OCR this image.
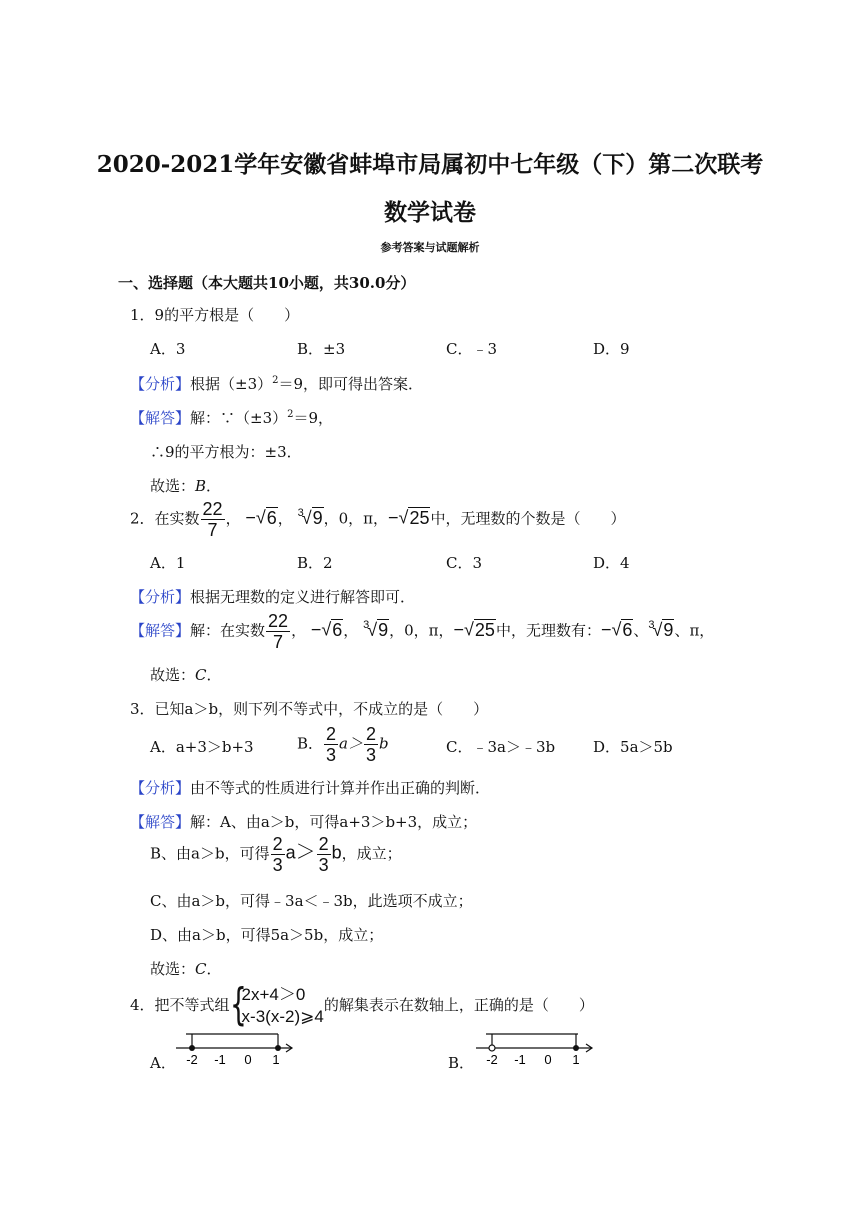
2020-2021学年安徽省蚌埠市局属初中七年级（下）第二次联考
数学试卷
参考答案与试题解析
一、选择题（本大题共10小题，共30.0分）
1．9的平方根是（　　）
A．3	B．±3	C．﹣3	D．9
【分析】根据$(\pm 3)^2=9$，即可得出答案．
【解答】解：$\because(\pm 3)^2=9$，
∴9的平方根为：±3．
故选：B．
2．在实数 $\frac{22}{7}$ ， −√6， $^3$√9，0，π，−√25中，无理数的个数是（　　）
A．1	B．2	C．3	D．4
【分析】根据无理数的定义进行解答即可．
【解答】解：在实数 $\frac{22}{7}$ ， −√6， $^3$√9，0，π，−√25中，无理数有：−√6、$^3$√9、π，
故选：C．
3．已知a＞b，则下列不等式中，不成立的是（　　）
A．a+3＞b+3	B． $\frac{2}{3} a> \frac{2}{3}$ b	C．﹣3a＞﹣3b	D．5a＞5b
【分析】由不等式的性质进行计算并作出正确的判断．
【解答】解：A、由a＞b，可得a+3＞b+3，成立；
B、由a＞b，可得 $\frac{2}{3} a> \frac{2}{3}$ b，成立；
C、由a＞b，可得﹣3a＜﹣3b，此选项不成立；
D、由a＞b，可得5a＞5b，成立；
故选：C．
4．把不等式组 {
2x+4＞0
x-3(x-2)⩾4
的解集表示在数轴上，正确的是（　　）
A． -2 -1 0 1	B． -2 -1 0 1
